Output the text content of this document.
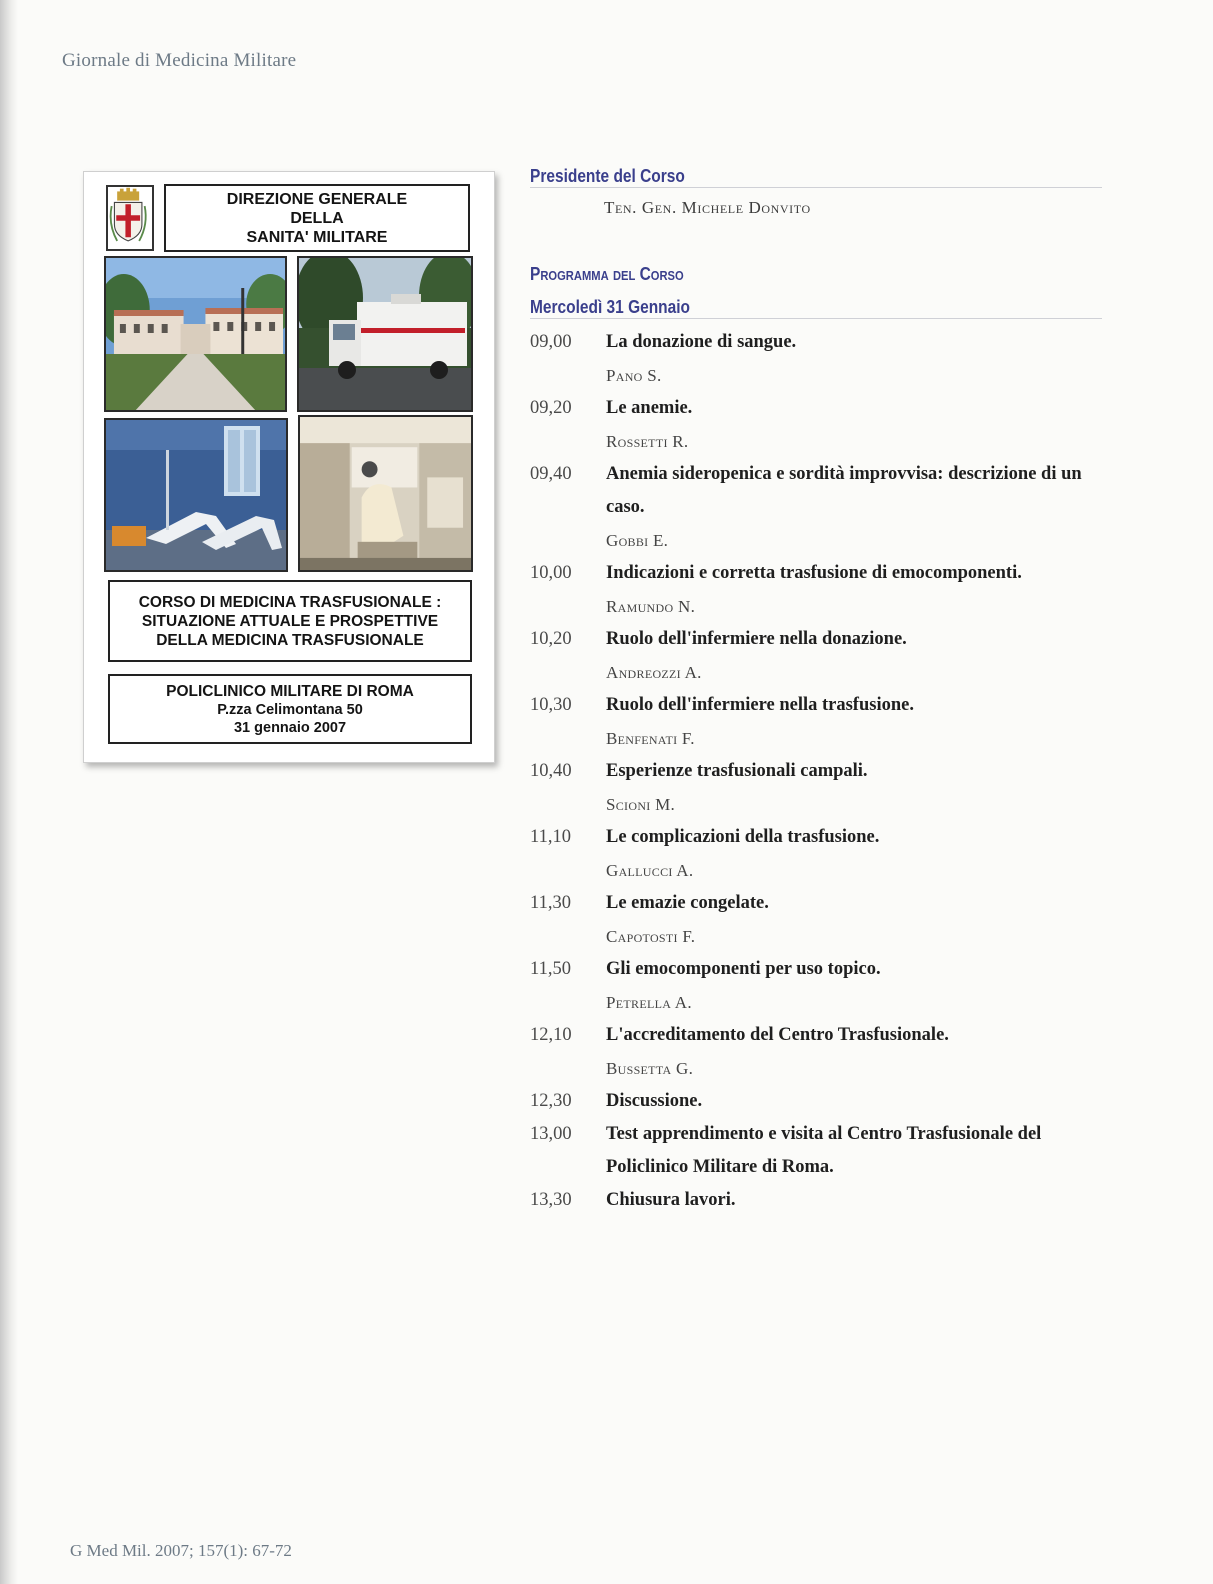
Giornale di Medicina Militare
DIREZIONE GENERALE
DELLA
SANITA' MILITARE
CORSO DI MEDICINA TRASFUSIONALE :
SITUAZIONE ATTUALE E PROSPETTIVE
DELLA MEDICINA TRASFUSIONALE
POLICLINICO MILITARE DI ROMA
P.zza Celimontana 50
31 gennaio 2007
Presidente del Corso
Ten. Gen. Michele Donvito
Programma del Corso
Mercoledì 31 Gennaio
09,00	La donazione di sangue.
Pano S.
09,20	Le anemie.
Rossetti R.
09,40	Anemia sideropenica e sordità improvvisa: descrizione di un caso.
Gobbi E.
10,00	Indicazioni e corretta trasfusione di emocomponenti.
Ramundo N.
10,20	Ruolo dell'infermiere nella donazione.
Andreozzi A.
10,30	Ruolo dell'infermiere nella trasfusione.
Benfenati F.
10,40	Esperienze trasfusionali campali.
Scioni M.
11,10	Le complicazioni della trasfusione.
Gallucci A.
11,30	Le emazie congelate.
Capotosti F.
11,50	Gli emocomponenti per uso topico.
Petrella A.
12,10	L'accreditamento del Centro Trasfusionale.
Bussetta G.
12,30	Discussione.
13,00	Test apprendimento e visita al Centro Trasfusionale del Policlinico Militare di Roma.
13,30	Chiusura lavori.
G Med Mil. 2007; 157(1): 67-72
